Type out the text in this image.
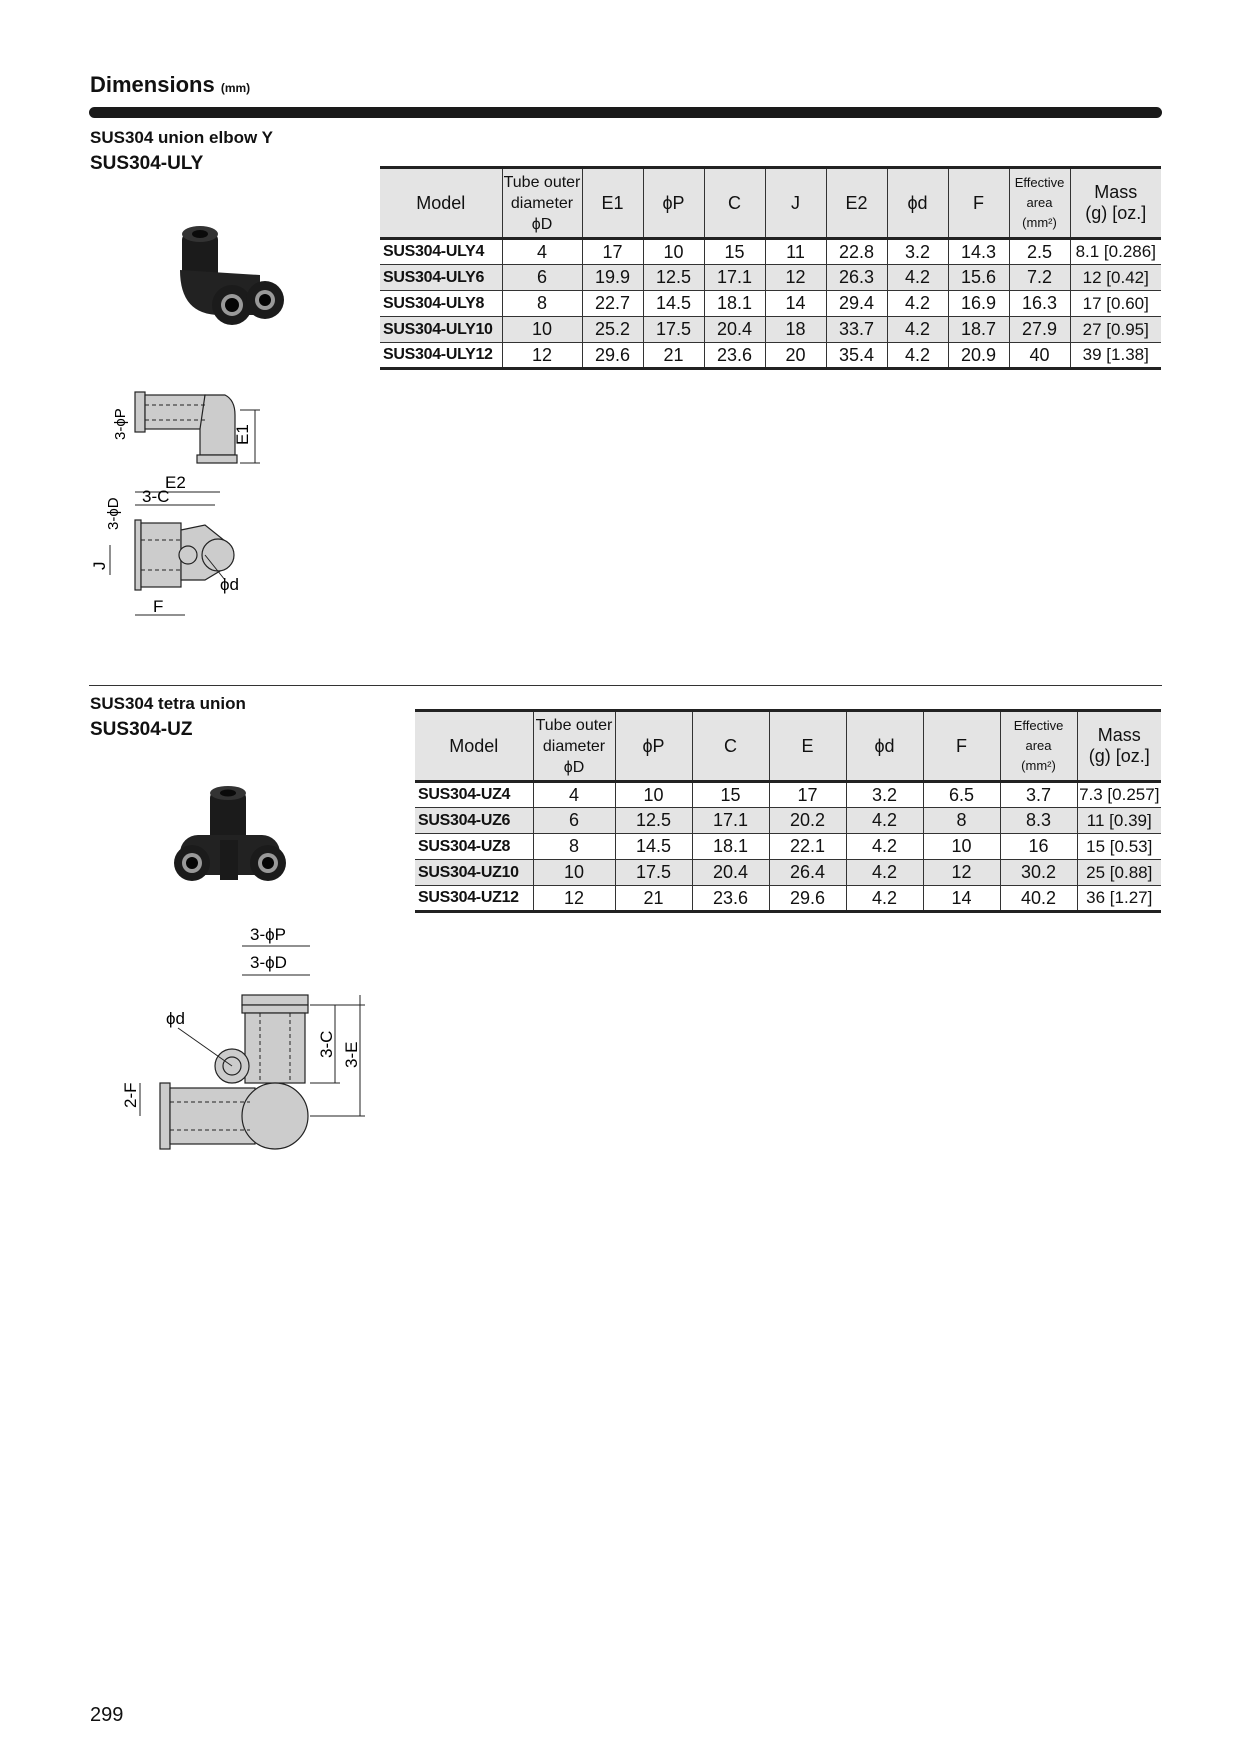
Dimensions (mm)
SUS304 union elbow Y
SUS304-ULY
3-ϕP	E1
E2
3-C
3-ϕD
J
ϕd
F
Model	Tube outer
diameter
ϕD	E1	ϕP	C	J	E2	ϕd	F	Effective
area
(mm²)	Mass
(g) [oz.]
SUS304-ULY4	4	17	10	15	11	22.8	3.2	14.3	2.5	8.1 [0.286]
SUS304-ULY6	6	19.9	12.5	17.1	12	26.3	4.2	15.6	7.2	12 [0.42]
SUS304-ULY8	8	22.7	14.5	18.1	14	29.4	4.2	16.9	16.3	17 [0.60]
SUS304-ULY10	10	25.2	17.5	20.4	18	33.7	4.2	18.7	27.9	27 [0.95]
SUS304-ULY12	12	29.6	21	23.6	20	35.4	4.2	20.9	40	39 [1.38]
SUS304 tetra union
SUS304-UZ
3-ϕP
3-ϕD
ϕd
3-C 3-E
2-F
Model	Tube outer
diameter
ϕD	ϕP	C	E	ϕd	F	Effective
area
(mm²)	Mass
(g) [oz.]
SUS304-UZ4	4	10	15	17	3.2	6.5	3.7	7.3 [0.257]
SUS304-UZ6	6	12.5	17.1	20.2	4.2	8	8.3	11 [0.39]
SUS304-UZ8	8	14.5	18.1	22.1	4.2	10	16	15 [0.53]
SUS304-UZ10	10	17.5	20.4	26.4	4.2	12	30.2	25 [0.88]
SUS304-UZ12	12	21	23.6	29.6	4.2	14	40.2	36 [1.27]
299
